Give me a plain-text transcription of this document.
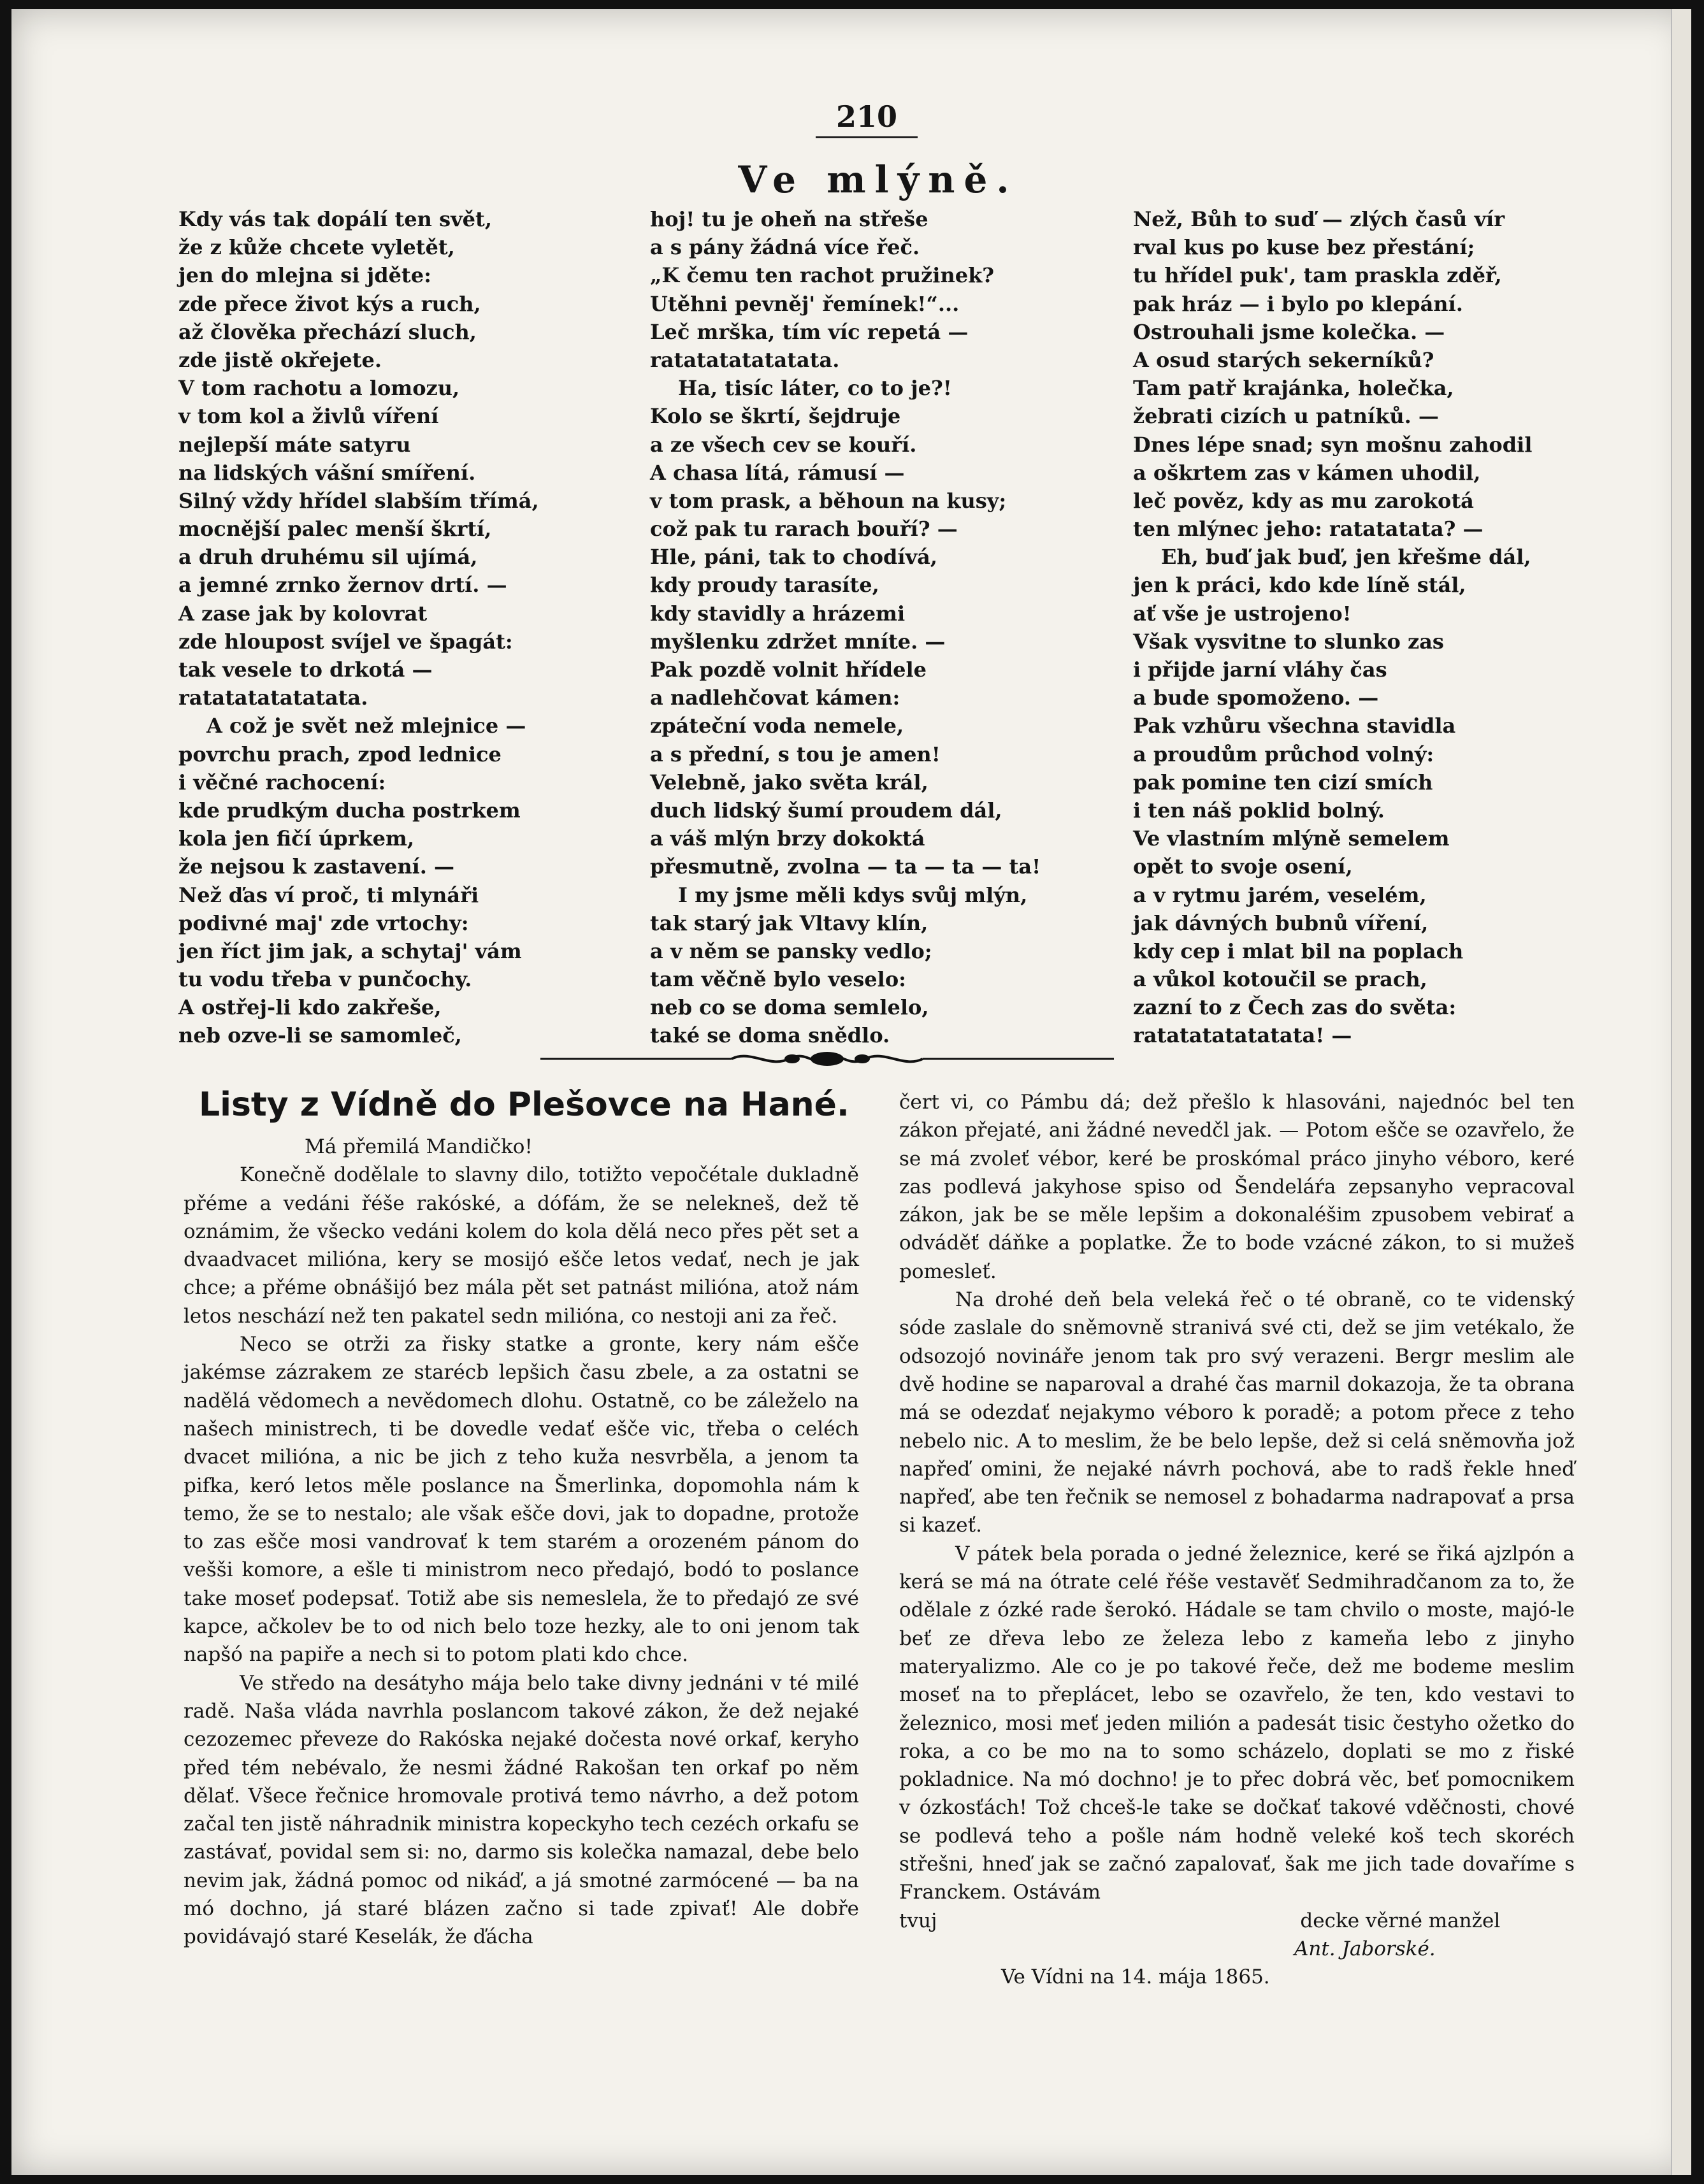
210
Ve mlýně.
Kdy vás tak dopálí ten svět,
že z kůže chcete vyletět,
jen do mlejna si jděte:
zde přece život kýs a ruch,
až člověka přechází sluch,
zde jistě okřejete.
V tom rachotu a lomozu,
v tom kol a živlů víření
nejlepší máte satyru
na lidských vášní smíření.
Silný vždy hřídel slabším třímá,
mocnější palec menší škrtí,
a druh druhému sil ujímá,
a jemné zrnko žernov drtí. —
A zase jak by kolovrat
zde hloupost svíjel ve špagát:
tak vesele to drkotá —
ratatatatatatata.
A což je svět než mlejnice —
povrchu prach, zpod lednice
i věčné rachocení:
kde prudkým ducha postrkem
kola jen fičí úprkem,
že nejsou k zastavení. —
Než ďas ví proč, ti mlynáři
podivné maj' zde vrtochy:
jen říct jim jak, a schytaj' vám
tu vodu třeba v punčochy.
A ostřej-li kdo zakřeše,
neb ozve-li se samomleč,
hoj! tu je oheň na střeše
a s pány žádná více řeč.
„K čemu ten rachot pružinek?
Utěhni pevněj' řemínek!“...
Leč mrška, tím víc repetá —
ratatatatatatata.
Ha, tisíc láter, co to je?!
Kolo se škrtí, šejdruje
a ze všech cev se kouří.
A chasa lítá, rámusí —
v tom prask, a běhoun na kusy;
což pak tu rarach bouří? —
Hle, páni, tak to chodívá,
kdy proudy tarasíte,
kdy stavidly a hrázemi
myšlenku zdržet mníte. —
Pak pozdě volnit hřídele
a nadlehčovat kámen:
zpáteční voda nemele,
a s přední, s tou je amen!
Velebně, jako světa král,
duch lidský šumí proudem dál,
a váš mlýn brzy dokoktá
přesmutně, zvolna — ta — ta — ta!
I my jsme měli kdys svůj mlýn,
tak starý jak Vltavy klín,
a v něm se pansky vedlo;
tam věčně bylo veselo:
neb co se doma semlelo,
také se doma snědlo.
Než, Bůh to suď — zlých časů vír
rval kus po kuse bez přestání;
tu hřídel puk', tam praskla zděř,
pak hráz — i bylo po klepání.
Ostrouhali jsme kolečka. —
A osud starých sekerníků?
Tam patř krajánka, holečka,
žebrati cizích u patníků. —
Dnes lépe snad; syn mošnu zahodil
a oškrtem zas v kámen uhodil,
leč pověz, kdy as mu zarokotá
ten mlýnec jeho: ratatatata? —
Eh, buď jak buď, jen křešme dál,
jen k práci, kdo kde líně stál,
ať vše je ustrojeno!
Však vysvitne to slunko zas
i přijde jarní vláhy čas
a bude spomoženo. —
Pak vzhůru všechna stavidla
a proudům průchod volný:
pak pomine ten cizí smích
i ten náš poklid bolný.
Ve vlastním mlýně semelem
opět to svoje osení,
a v rytmu jarém, veselém,
jak dávných bubnů víření,
kdy cep i mlat bil na poplach
a vůkol kotoučil se prach,
zazní to z Čech zas do světa:
ratatatatatatata! —
Listy z Vídně do Plešovce na Hané.

Má přemilá Mandičko!

Konečně dodělale to slavny dilo, totižto vepočétale dukladně přéme a vedáni řéše rakóské, a dófám, že se nelekneš, dež tě oznámim, že všecko vedáni kolem do kola dělá neco přes pět set a dvaadvacet milióna, kery se mosijó ešče letos vedať, nech je jak chce; a přéme obnášijó bez mála pět set patnást milióna, atož nám letos neschází než ten pakatel sedn milióna, co nestoji ani za řeč.

Neco se otrži za řisky statke a gronte, kery nám ešče jakémse zázrakem ze starécb lepšich času zbele, a za ostatni se nadělá vědomech a nevědomech dlohu. Ostatně, co be záleželo na našech ministrech, ti be dovedle vedať ešče vic, třeba o celéch dvacet milióna, a nic be jich z teho kuža nesvrběla, a jenom ta pifka, keró letos měle poslance na Šmerlinka, dopomohla nám k temo, že se to nestalo; ale však ešče dovi, jak to dopadne, protože to zas ešče mosi vandrovať k tem starém a orozeném pánom do vešši komore, a ešle ti ministrom neco předajó, bodó to poslance take moseť podepsať. Totiž abe sis nemeslela, že to předajó ze své kapce, ačkolev be to od nich belo toze hezky, ale to oni jenom tak napšó na papiře a nech si to potom plati kdo chce.

Ve středo na desátyho mája belo take divny jednáni v té milé radě. Naša vláda navrhla poslancom takové zákon, že dež nejaké cezozemec převeze do Rakóska nejaké dočesta nové orkaf, keryho před tém nebévalo, že nesmi žádné Rakošan ten orkaf po něm dělať. Všece řečnice hromovale protivá temo návrho, a dež potom začal ten jistě náhradnik ministra kopeckyho tech cezéch orkafu se zastávať, povidal sem si: no, darmo sis kolečka namazal, debe belo nevim jak, žádná pomoc od nikáď, a já smotné zarmócené — ba na mó dochno, já staré blázen začno si tade zpivať! Ale dobře povidávajó staré Keselák, že ďácha

čert vi, co Pámbu dá; dež přešlo k hlasováni, najednóc bel ten zákon přejaté, ani žádné nevedčl jak. — Potom ešče se ozavřelo, že se má zvoleť vébor, keré be proskómal práco jinyho véboro, keré zas podlevá jakyhose spiso od Šendeláŕa zepsanyho vepracoval zákon, jak be se měle lepšim a dokonaléšim zpusobem vebirať a odváděť dáňke a poplatke. Že to bode vzácné zákon, to si mužeš pomesleť.

Na drohé deň bela veleká řeč o té obraně, co te videnský sóde zaslale do sněmovně stranivá své cti, dež se jim vetékalo, že odsozojó novináře jenom tak pro svý verazeni. Bergr meslim ale dvě hodine se naparoval a drahé čas marnil dokazoja, že ta obrana má se odezdať nejakymo véboro k poradě; a potom přece z teho nebelo nic. A to meslim, že be belo lepše, dež si celá sněmovňa jož napřeď omini, že nejaké návrh pochová, abe to radš řekle hneď napřeď, abe ten řečnik se nemosel z bohadarma nadrapovať a prsa si kazeť.

V pátek bela porada o jedné železnice, keré se řiká ajzlpón a kerá se má na ótrate celé řéše vestavěť Sedmihradčanom za to, že odělale z ózké rade šerokó. Hádale se tam chvilo o moste, majó-le beť ze dřeva lebo ze železa lebo z kameňa lebo z jinyho materyalizmo. Ale co je po takové řeče, dež me bodeme meslim moseť na to přeplácet, lebo se ozavřelo, že ten, kdo vestavi to železnico, mosi meť jeden milión a padesát tisic čestyho ožetko do roka, a co be mo na to somo scházelo, doplati se mo z řiské pokladnice. Na mó dochno! je to přec dobrá věc, beť pomocnikem v ózkosťách! Tož chceš-le take se dočkať takové vděčnosti, chové se podlevá teho a pošle nám hodně veleké koš tech skoréch střešni, hneď jak se začnó zapalovať, šak me jich tade dovaříme s Franckem. Ostávám

tvuj	decke věrné manžel

Ant. Jaborské.

Ve Vídni na 14. mája 1865.
